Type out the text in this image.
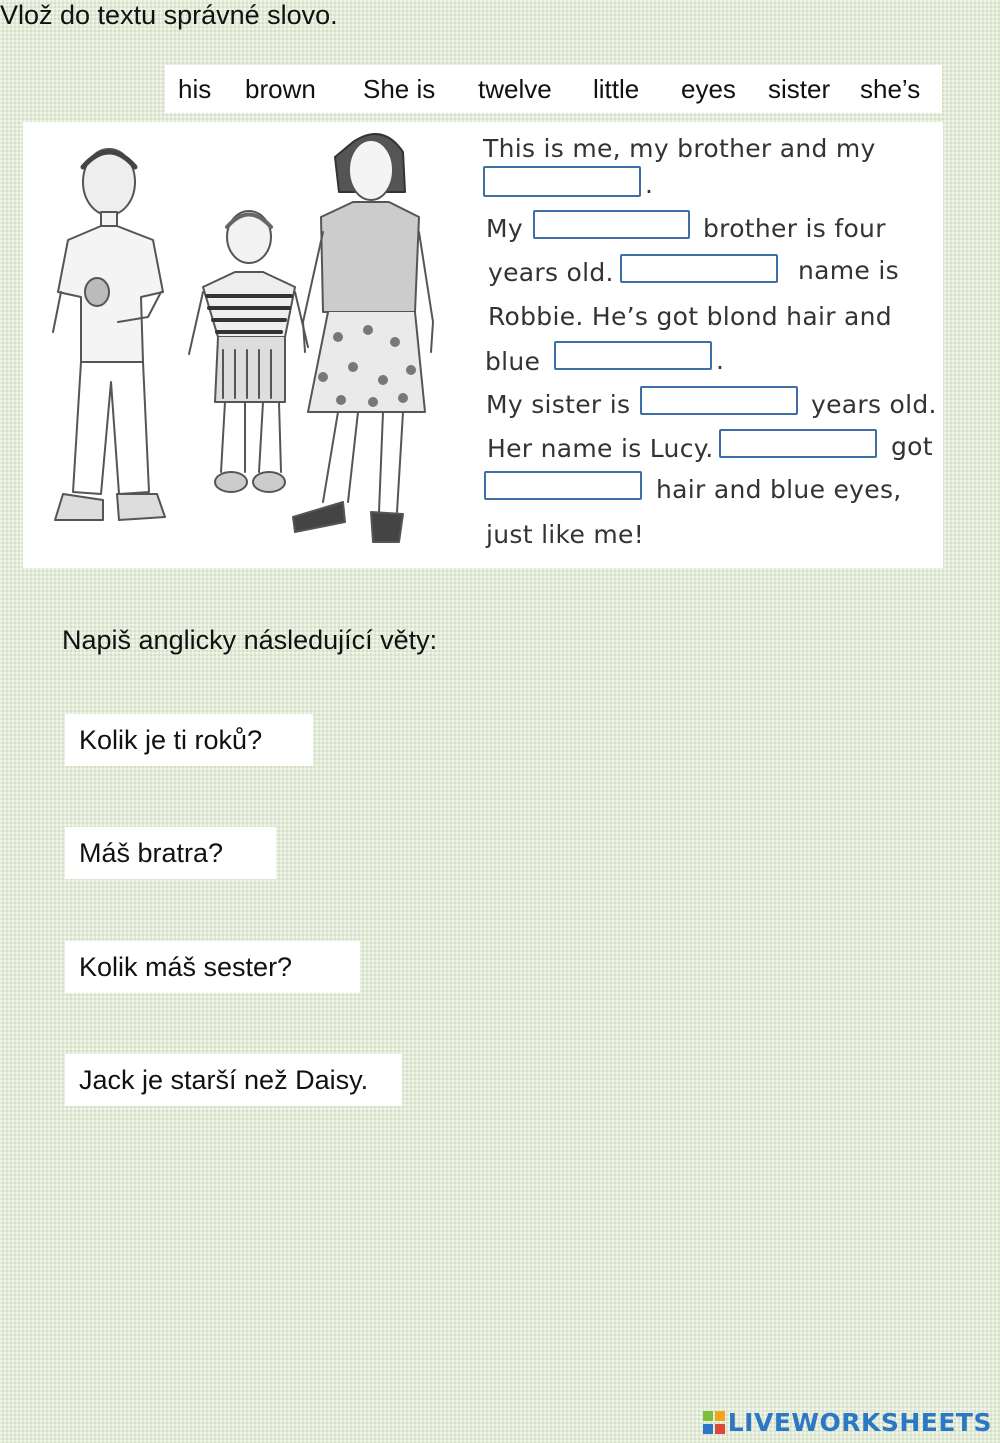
Vlož do textu správné slovo.
his brown She is twelve little eyes sister she’s
This is me, my brother and my
.
My	brother is four
years old.	name is
Robbie. He’s got blond hair and
blue	.
My sister is	years old.
Her name is Lucy.	got
hair and blue eyes,
just like me!
Napiš anglicky následující věty:
Kolik je ti roků?
Máš bratra?
Kolik máš sester?
Jack je starší než Daisy.
LIVEWORKSHEETS
